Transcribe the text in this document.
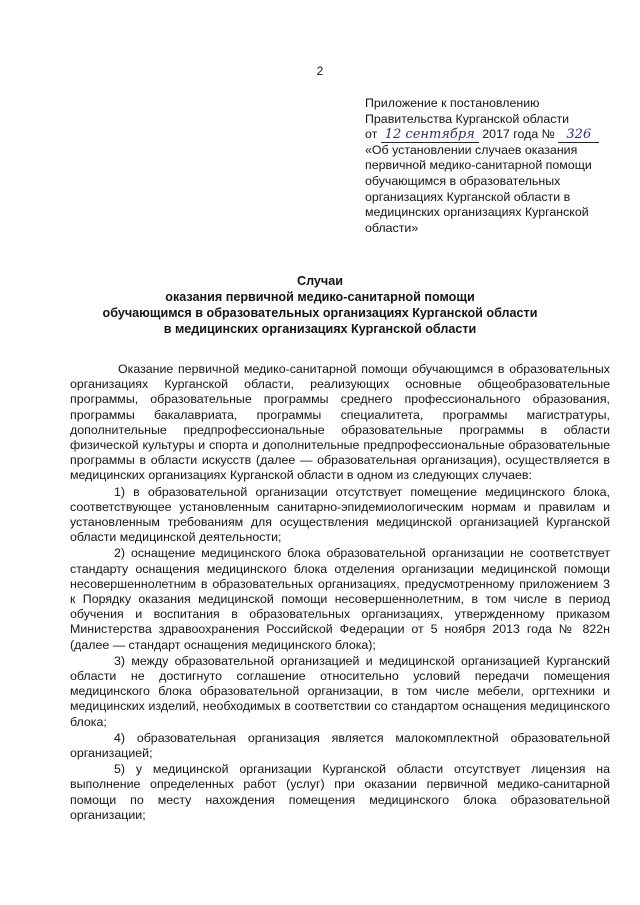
2
Приложение к постановлению
Правительства Курганской области
от 12 сентября 2017 года № 326
«Об установлении случаев оказания
первичной медико-санитарной помощи
обучающимся в образовательных
организациях Курганской области в
медицинских организациях Курганской
области»
Случаи
оказания первичной медико-санитарной помощи
обучающимся в образовательных организациях Курганской области
в медицинских организациях Курганской области

Оказание первичной медико-санитарной помощи обучающимся в образовательных организациях Курганской области, реализующих основные общеобразовательные программы, образовательные программы среднего профессионального образования, программы бакалавриата, программы специалитета, программы магистратуры, дополнительные предпрофессиональные образовательные программы в области физической культуры и спорта и дополнительные предпрофессиональные образовательные программы в области искусств (далее — образовательная организация), осуществляется в медицинских организациях Курганской области в одном из следующих случаев:

1) в образовательной организации отсутствует помещение медицинского блока, соответствующее установленным санитарно-эпидемиологическим нормам и правилам и установленным требованиям для осуществления медицинской организацией Курганской области медицинской деятельности;

2) оснащение медицинского блока образовательной организации не соответствует стандарту оснащения медицинского блока отделения организации медицинской помощи несовершеннолетним в образовательных организациях, предусмотренному приложением 3 к Порядку оказания медицинской помощи несовершеннолетним, в том числе в период обучения и воспитания в образовательных организациях, утвержденному приказом Министерства здравоохранения Российской Федерации от 5 ноября 2013 года № 822н (далее — стандарт оснащения медицинского блока);

3) между образовательной организацией и медицинской организацией Курганский области не достигнуто соглашение относительно условий передачи помещения медицинского блока образовательной организации, в том числе мебели, оргтехники и медицинских изделий, необходимых в соответствии со стандартом оснащения медицинского блока;

4) образовательная организация является малокомплектной образовательной организацией;

5) у медицинской организации Курганской области отсутствует лицензия на выполнение определенных работ (услуг) при оказании первичной медико-санитарной помощи по месту нахождения помещения медицинского блока образовательной организации;
